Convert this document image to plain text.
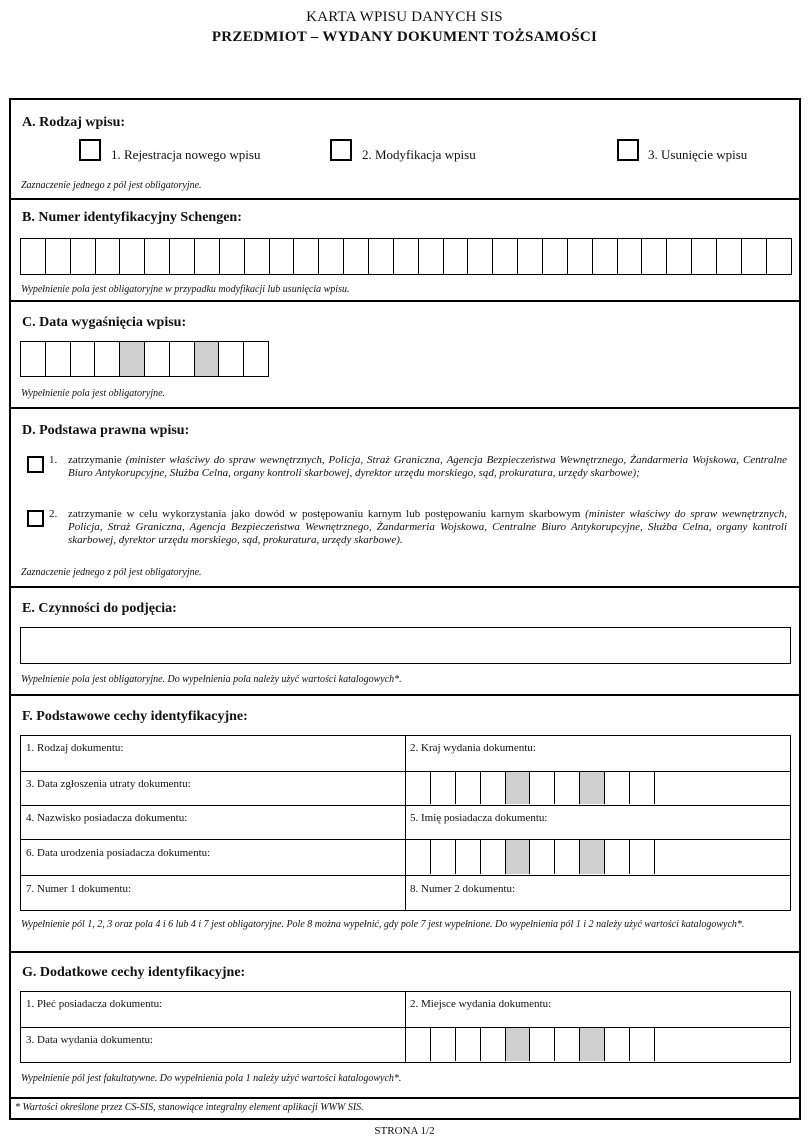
KARTA WPISU DANYCH SIS
PRZEDMIOT – WYDANY DOKUMENT TOŻSAMOŚCI
A. Rodzaj wpisu:
1. Rejestracja nowego wpisu	2. Modyfikacja wpisu	3. Usunięcie wpisu
Zaznaczenie jednego z pól jest obligatoryjne.
B. Numer identyfikacyjny Schengen:
Wypełnienie pola jest obligatoryjne w przypadku modyfikacji lub usunięcia wpisu.
C. Data wygaśnięcia wpisu:
Wypełnienie pola jest obligatoryjne.
D. Podstawa prawna wpisu:
1. zatrzymanie (minister właściwy do spraw wewnętrznych, Policja, Straż Graniczna, Agencja Bezpieczeństwa Wewnętrznego, Żandarmeria Wojskowa, Centralne Biuro Antykorupcyjne, Służba Celna, organy kontroli skarbowej, dyrektor urzędu morskiego, sąd, prokuratura, urzędy skarbowe);
2. zatrzymanie w celu wykorzystania jako dowód w postępowaniu karnym lub postępowaniu karnym skarbowym (minister właściwy do spraw wewnętrznych, Policja, Straż Graniczna, Agencja Bezpieczeństwa Wewnętrznego, Żandarmeria Wojskowa, Centralne Biuro Antykorupcyjne, Służba Celna, organy kontroli skarbowej, dyrektor urzędu morskiego, sąd, prokuratura, urzędy skarbowe).
Zaznaczenie jednego z pól jest obligatoryjne.
E. Czynności do podjęcia:
Wypełnienie pola jest obligatoryjne. Do wypełnienia pola należy użyć wartości katalogowych*.
F. Podstawowe cechy identyfikacyjne:
1. Rodzaj dokumentu:	2. Kraj wydania dokumentu:
3. Data zgłoszenia utraty dokumentu:
4. Nazwisko posiadacza dokumentu:	5. Imię posiadacza dokumentu:
6. Data urodzenia posiadacza dokumentu:
7. Numer 1 dokumentu:	8. Numer 2 dokumentu:
Wypełnienie pól 1, 2, 3 oraz pola 4 i 6 lub 4 i 7 jest obligatoryjne. Pole 8 można wypełnić, gdy pole 7 jest wypełnione. Do wypełnienia pól 1 i 2 należy użyć wartości katalogowych*.
G. Dodatkowe cechy identyfikacyjne:
1. Płeć posiadacza dokumentu:	2. Miejsce wydania dokumentu:
3. Data wydania dokumentu:
Wypełnienie pól jest fakultatywne. Do wypełnienia pola 1 należy użyć wartości katalogowych*.
* Wartości określone przez CS-SIS, stanowiące integralny element aplikacji WWW SIS.
STRONA 1/2
